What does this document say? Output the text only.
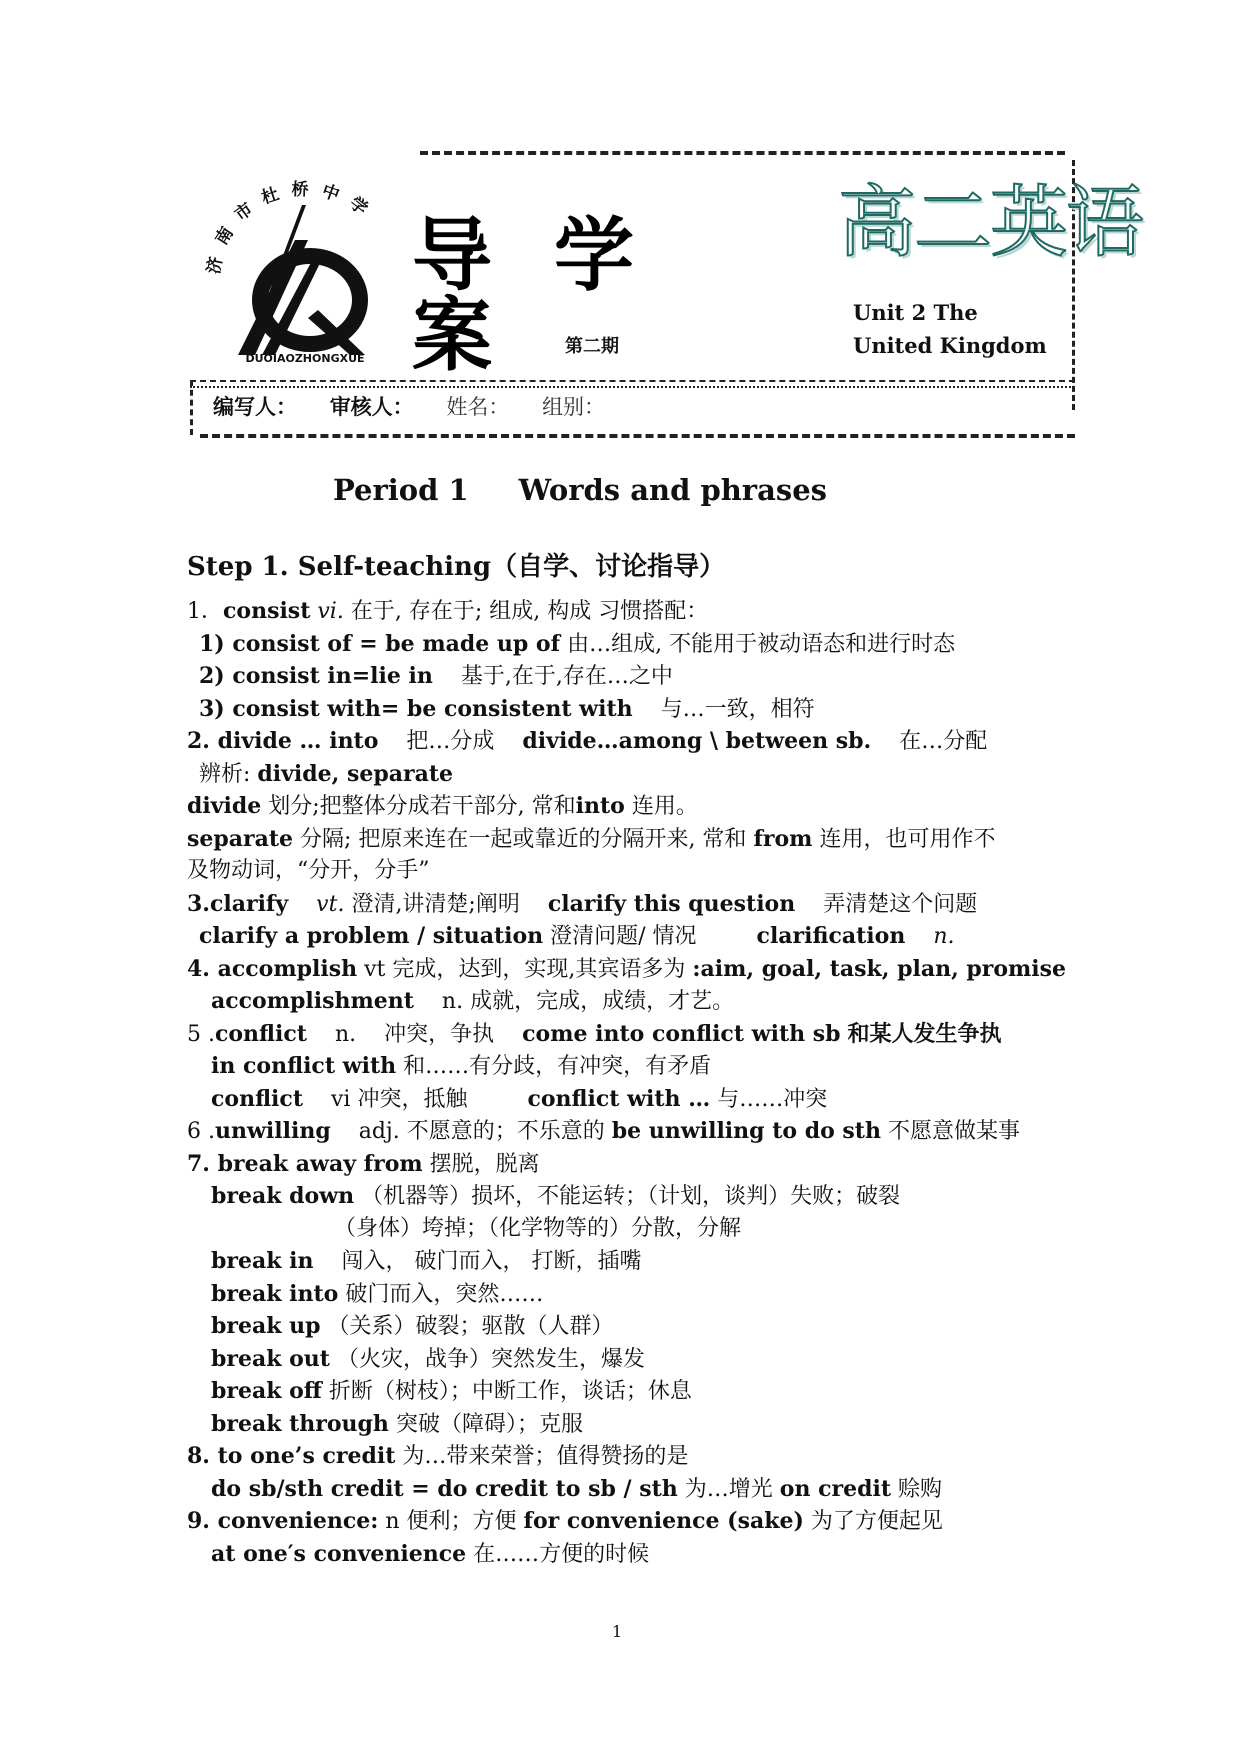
济南市杜桥中学
DUOIAOZHONGXUE
导学案
高二英语
第二期
Unit 2 The United Kingdom
编写人： 审核人： 姓名： 组别：
Period 1 Words and phrases
Step 1. Self-teaching（自学、讨论指导）
1．consist vi. 在于, 存在于; 组成, 构成 习惯搭配：
1) consist of = be made up of 由…组成, 不能用于被动语态和进行时态
2) consist in=lie in 基于,在于,存在…之中
3) consist with= be consistent with 与…一致，相符
2. divide … into 把…分成 divide…among \ between sb. 在…分配
辨析: divide, separate
divide 划分;把整体分成若干部分, 常和into 连用。
separate 分隔; 把原来连在一起或靠近的分隔开来, 常和 from 连用，也可用作不
及物动词，“分开，分手”
3.clarify vt. 澄清,讲清楚;阐明 clarify this question 弄清楚这个问题
clarify a problem / situation 澄清问题/ 情况	clarification n.
4. accomplish vt 完成，达到，实现,其宾语多为 :aim, goal, task, plan, promise
accomplishment n. 成就，完成，成绩，才艺。
5 .conflict n. 冲突，争执 come into conflict with sb 和某人发生争执
in conflict with 和……有分歧，有冲突，有矛盾
conflict vi 冲突，抵触	conflict with … 与……冲突
6 .unwilling adj. 不愿意的；不乐意的 be unwilling to do sth 不愿意做某事
7. break away from 摆脱，脱离
break down （机器等）损坏，不能运转；（计划，谈判）失败；破裂
（身体）垮掉；（化学物等的）分散，分解
break in 闯入， 破门而入， 打断，插嘴
break into 破门而入，突然……
break up （关系）破裂；驱散（人群）
break out （火灾，战争）突然发生，爆发
break off 折断（树枝）；中断工作，谈话；休息
break through 突破（障碍）；克服
8. to one’s credit 为…带来荣誉；值得赞扬的是
do sb/sth credit = do credit to sb / sth 为…增光 on credit 赊购
9. convenience: n 便利；方便 for convenience (sake) 为了方便起见
at one′s convenience 在……方便的时候
1
